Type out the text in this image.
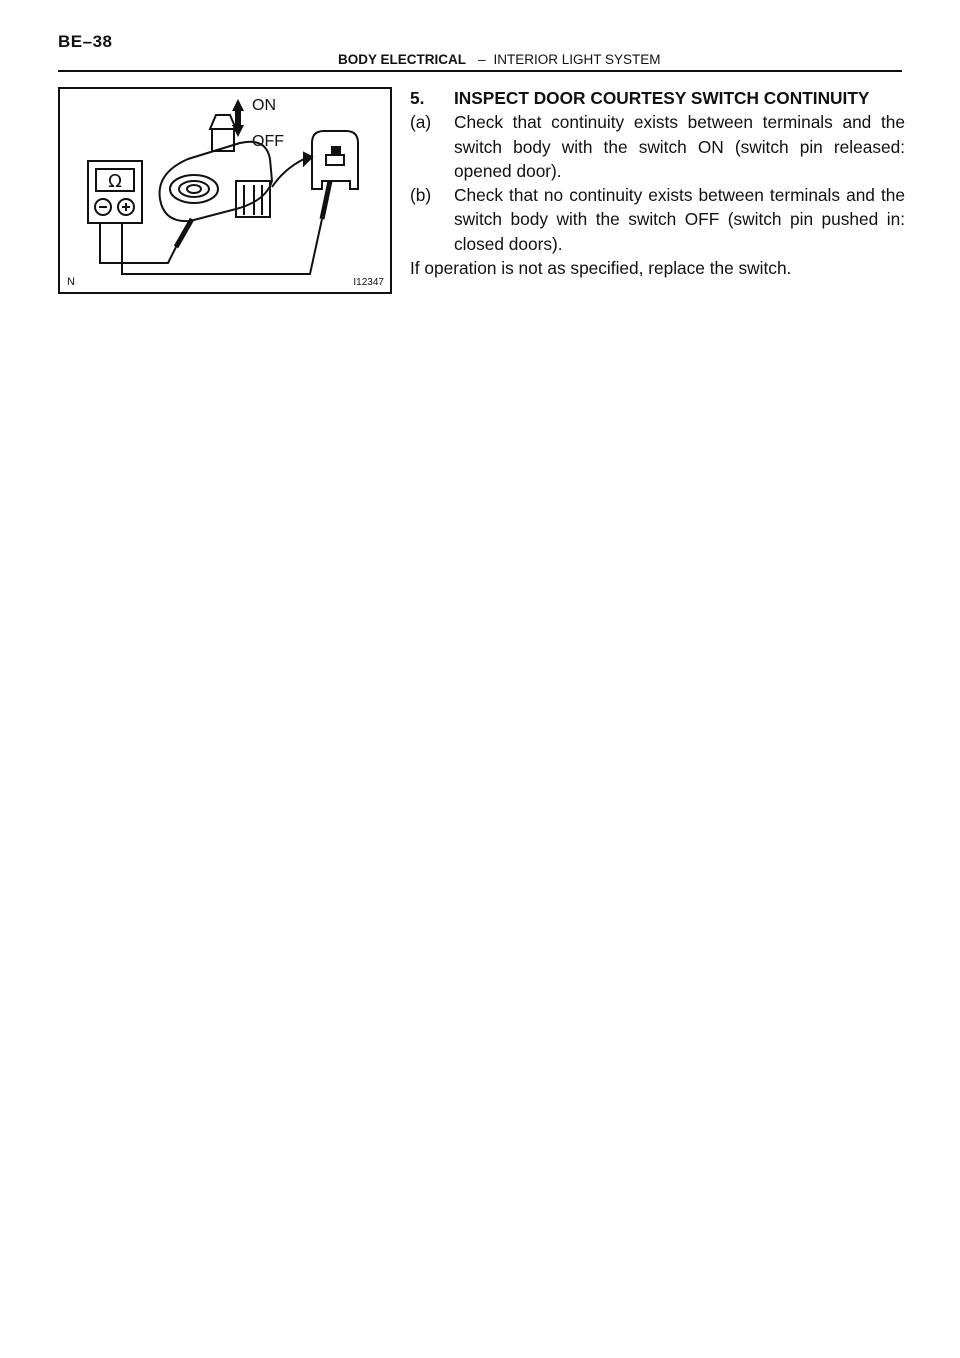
BE–38
BODY ELECTRICAL – INTERIOR LIGHT SYSTEM
Ω
ON
OFF
N	I12347
5.	INSPECT DOOR COURTESY SWITCH CONTINUITY
(a)	Check that continuity exists between terminals and the switch body with the switch ON (switch pin released: opened door).
(b)	Check that no continuity exists between terminals and the switch body with the switch OFF (switch pin pushed in: closed doors).
If operation is not as specified, replace the switch.
